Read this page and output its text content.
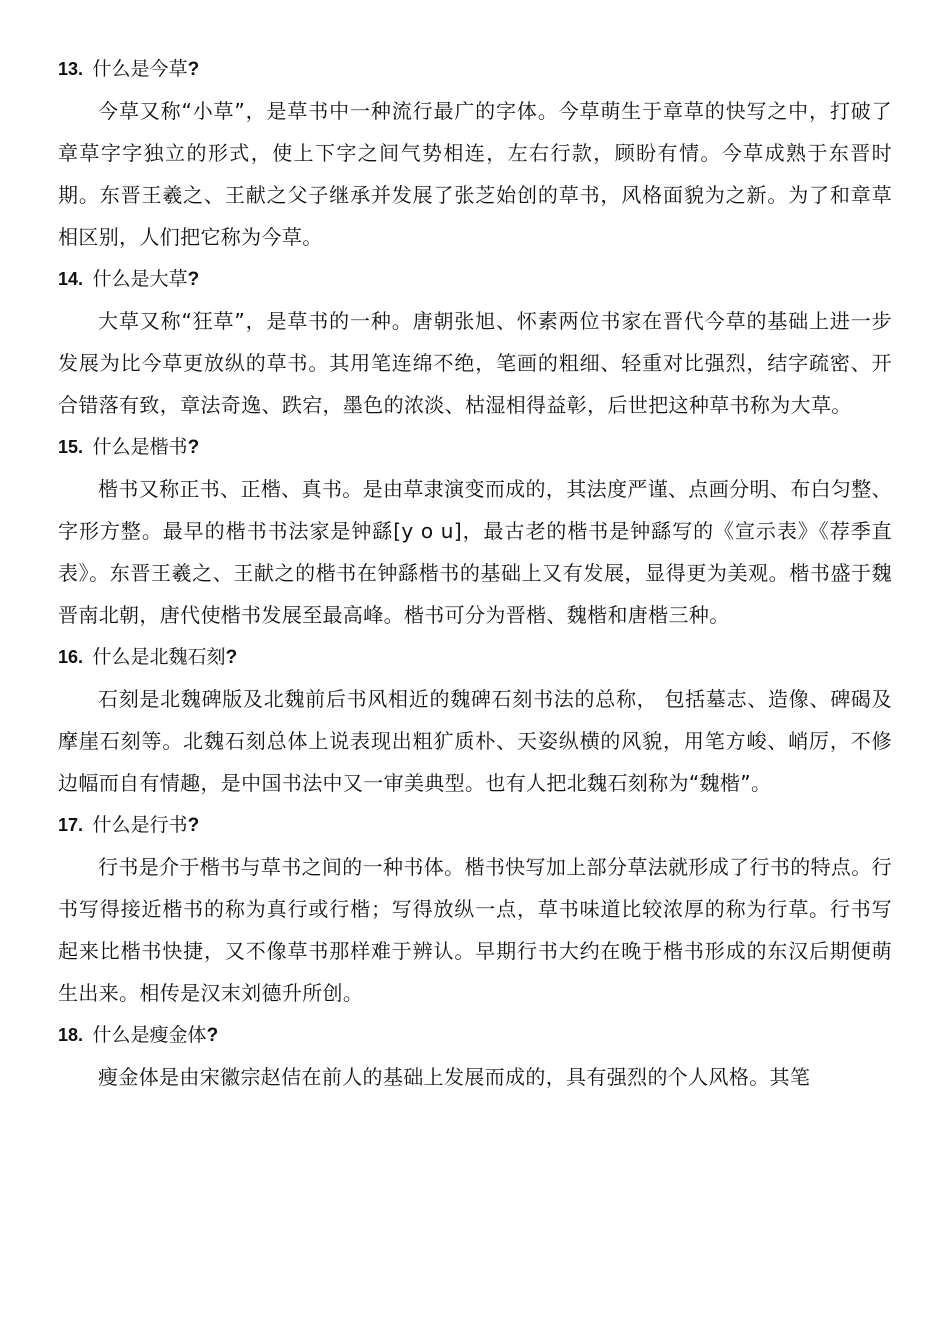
13.  什么是今草?

今草又称“小草”，是草书中一种流行最广的字体。今草萌生于章草的快写之中，打破了章草字字独立的形式，使上下字之间气势相连，左右行款，顾盼有情。今草成熟于东晋时期。东晋王羲之、王献之父子继承并发展了张芝始创的草书，风格面貌为之新。为了和章草相区别，人们把它称为今草。

14.  什么是大草?

大草又称“狂草”，是草书的一种。唐朝张旭、怀素两位书家在晋代今草的基础上进一步发展为比今草更放纵的草书。其用笔连绵不绝，笔画的粗细、轻重对比强烈，结字疏密、开合错落有致，章法奇逸、跌宕，墨色的浓淡、枯湿相得益彰，后世把这种草书称为大草。

15.  什么是楷书?

楷书又称正书、正楷、真书。是由草隶演变而成的，其法度严谨、点画分明、布白匀整、字形方整。最早的楷书书法家是钟繇[y o u]，最古老的楷书是钟繇写的《宣示表》《荐季直表》。东晋王羲之、王献之的楷书在钟繇楷书的基础上又有发展，显得更为美观。楷书盛于魏晋南北朝，唐代使楷书发展至最高峰。楷书可分为晋楷、魏楷和唐楷三种。

16.  什么是北魏石刻?

石刻是北魏碑版及北魏前后书风相近的魏碑石刻书法的总称， 包括墓志、造像、碑碣及摩崖石刻等。北魏石刻总体上说表现出粗犷质朴、天姿纵横的风貌，用笔方峻、峭厉，不修边幅而自有情趣，是中国书法中又一审美典型。也有人把北魏石刻称为“魏楷”。

17.  什么是行书?

行书是介于楷书与草书之间的一种书体。楷书快写加上部分草法就形成了行书的特点。行书写得接近楷书的称为真行或行楷；写得放纵一点，草书味道比较浓厚的称为行草。行书写起来比楷书快捷，又不像草书那样难于辨认。早期行书大约在晚于楷书形成的东汉后期便萌生出来。相传是汉末刘德升所创。

18.  什么是瘦金体?

瘦金体是由宋徽宗赵佶在前人的基础上发展而成的，具有强烈的个人风格。其笔
